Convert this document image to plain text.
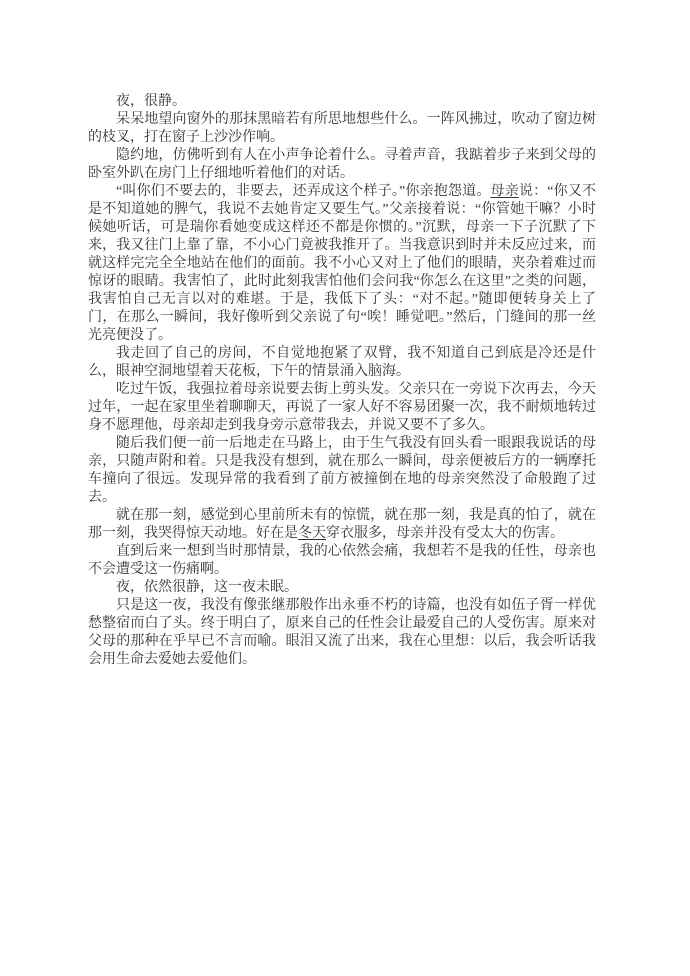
夜，很静。

呆呆地望向窗外的那抹黑暗若有所思地想些什么。一阵风拂过，吹动了窗边树的枝叉，打在窗子上沙沙作响。

隐约地，仿佛听到有人在小声争论着什么。寻着声音，我踮着步子来到父母的卧室外趴在房门上仔细地听着他们的对话。

“叫你们不要去的，非要去，还弄成这个样子。”你亲抱怨道。母亲说：“你又不是不知道她的脾气，我说不去她肯定又要生气。”父亲接着说：“你管她干嘛？小时候她听话，可是瑞你看她变成这样还不都是你惯的。”沉默，母亲一下子沉默了下来，我又往门上靠了靠，不小心门竟被我推开了。当我意识到时并未反应过来，而就这样完完全全地站在他们的面前。我不小心又对上了他们的眼睛，夹杂着难过而惊讶的眼睛。我害怕了，此时此刻我害怕他们会问我“你怎么在这里”之类的问题，我害怕自己无言以对的难堪。于是，我低下了头：“对不起。”随即便转身关上了门，在那么一瞬间，我好像听到父亲说了句“唉！睡觉吧。”然后，门缝间的那一丝光亮便没了。

我走回了自己的房间，不自觉地抱紧了双臂，我不知道自己到底是冷还是什么，眼神空洞地望着天花板，下午的情景涌入脑海。

吃过午饭，我强拉着母亲说要去街上剪头发。父亲只在一旁说下次再去，今天过年，一起在家里坐着聊聊天，再说了一家人好不容易团聚一次，我不耐烦地转过身不愿理他，母亲却走到我身旁示意带我去，并说又要不了多久。

随后我们便一前一后地走在马路上，由于生气我没有回头看一眼跟我说话的母亲，只随声附和着。只是我没有想到，就在那么一瞬间，母亲便被后方的一辆摩托车撞向了很远。发现异常的我看到了前方被撞倒在地的母亲突然没了命般跑了过去。

就在那一刻，感觉到心里前所未有的惊慌，就在那一刻，我是真的怕了，就在那一刻，我哭得惊天动地。好在是冬天穿衣服多，母亲并没有受太大的伤害。

直到后来一想到当时那情景，我的心依然会痛，我想若不是我的任性，母亲也不会遭受这一伤痛啊。

夜，依然很静，这一夜未眠。

只是这一夜，我没有像张继那般作出永垂不朽的诗篇，也没有如伍子胥一样优愁整宿而白了头。终于明白了，原来自己的任性会让最爱自己的人受伤害。原来对父母的那种在乎早已不言而喻。眼泪又流了出来，我在心里想：以后，我会听话我会用生命去爱她去爱他们。
